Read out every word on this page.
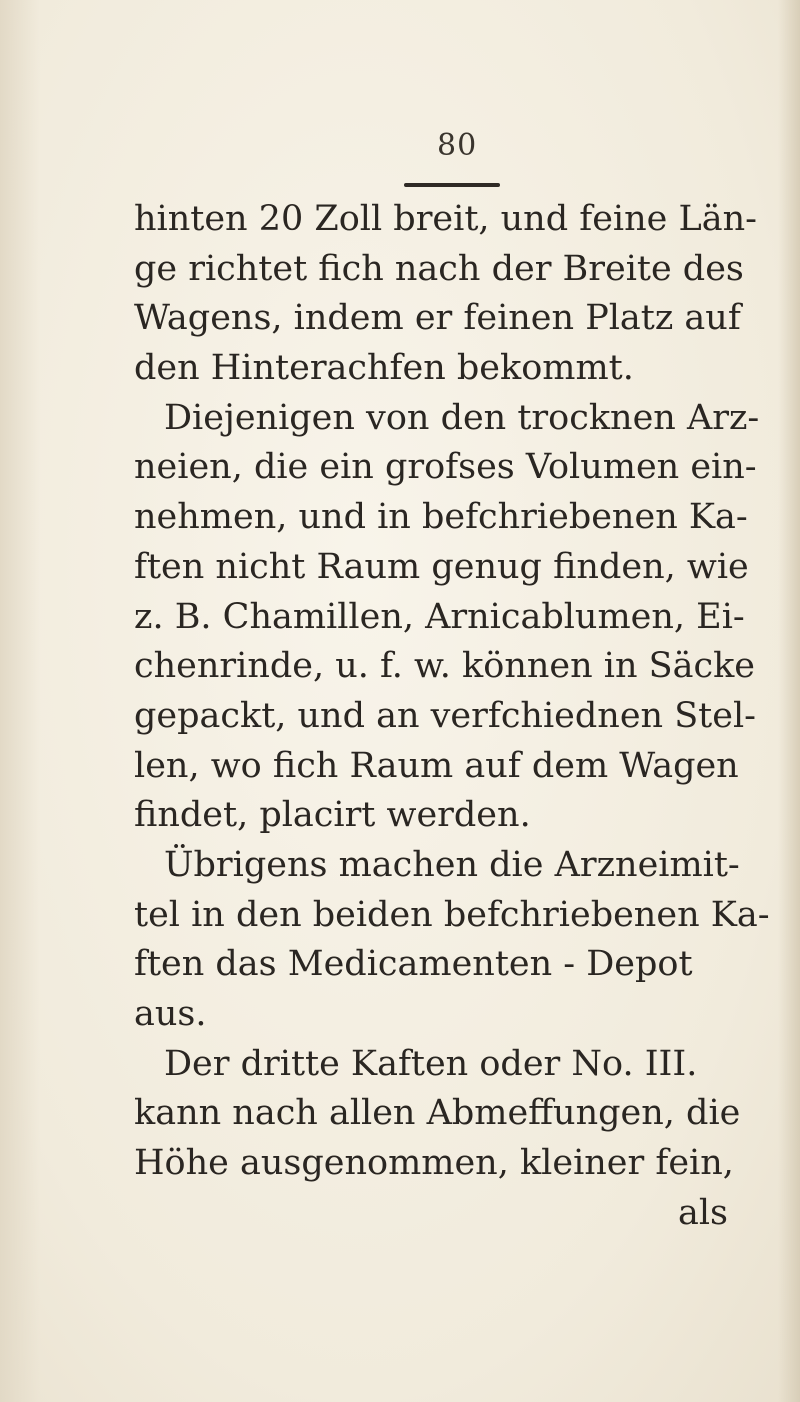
80
hinten 20 Zoll breit, und feine Län-
ge richtet fich nach der Breite des
Wagens, indem er feinen Platz auf
den Hinterachfen bekommt.
Diejenigen von den trocknen Arz-
neien, die ein grofses Volumen ein-
nehmen, und in befchriebenen Ka-
ften nicht Raum genug finden, wie
z. B. Chamillen, Arnicablumen, Ei-
chenrinde, u. f. w. können in Säcke
gepackt, und an verfchiednen Stel-
len, wo fich Raum auf dem Wagen
findet, placirt werden.
Übrigens machen die Arzneimit-
tel in den beiden befchriebenen Ka-
ften das Medicamenten - Depot
aus.
Der dritte Kaften oder No. III.
kann nach allen Abmeffungen, die
Höhe ausgenommen, kleiner fein,
als
